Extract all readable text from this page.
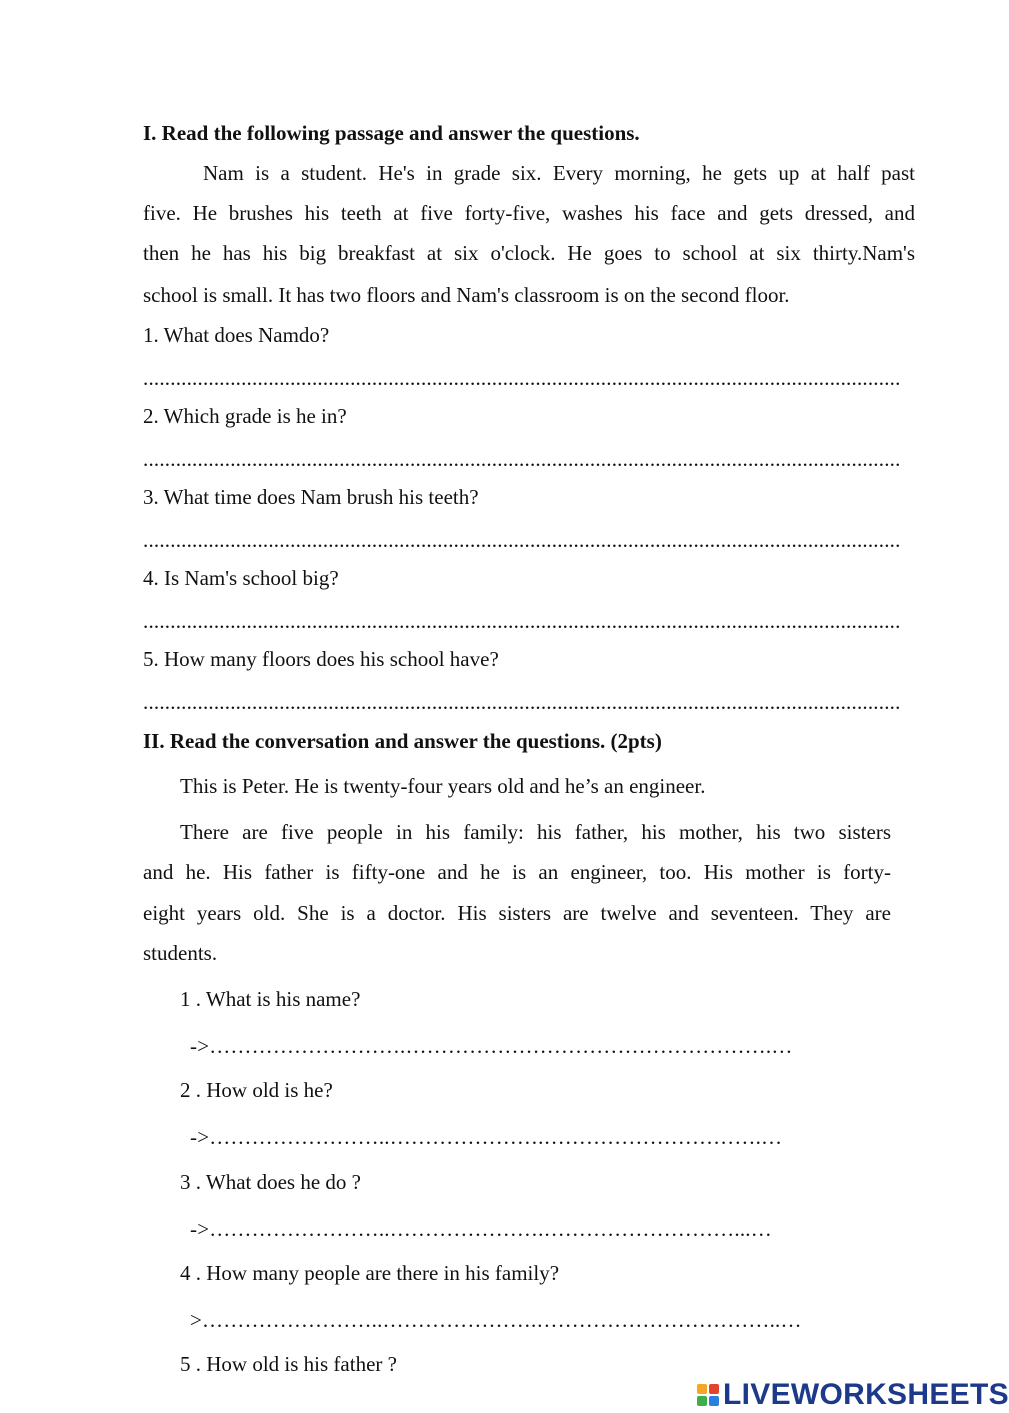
I. Read the following passage and answer the questions.
Nam is a student. He's in grade six. Every morning, he gets up at half past
five. He brushes his teeth at five forty-five, washes his face and gets dressed, and
then he has his big breakfast at six o'clock. He goes to school at six thirty.Nam's
school is small. It has two floors and Nam's classroom is on the second floor.
1. What does Namdo?
...........................................................................................................................................
2. Which grade is he in?
...........................................................................................................................................
3. What time does Nam brush his teeth?
...........................................................................................................................................
4. Is Nam's school big?
...........................................................................................................................................
5. How many floors does his school have?
...........................................................................................................................................
II. Read the conversation and answer the questions. (2pts)
This is Peter. He is twenty-four years old and he’s an engineer.
There are five people in his family: his father, his mother, his two sisters
and he. His father is fifty-one and he is an engineer, too. His mother is forty-
eight years old. She is a doctor. His sisters are twelve and seventeen. They are
students.
1 . What is his name?
->……………………….…………………………………………….…
2 . How old is he?
->……………………..………………….………………………….…
3 . What does he do ?
->……………………..………………….………………………...…
4 . How many people are there in his family?
>……………………..………………….……………………………..…
5 . How old is his father ?
LIVEWORKSHEETS
